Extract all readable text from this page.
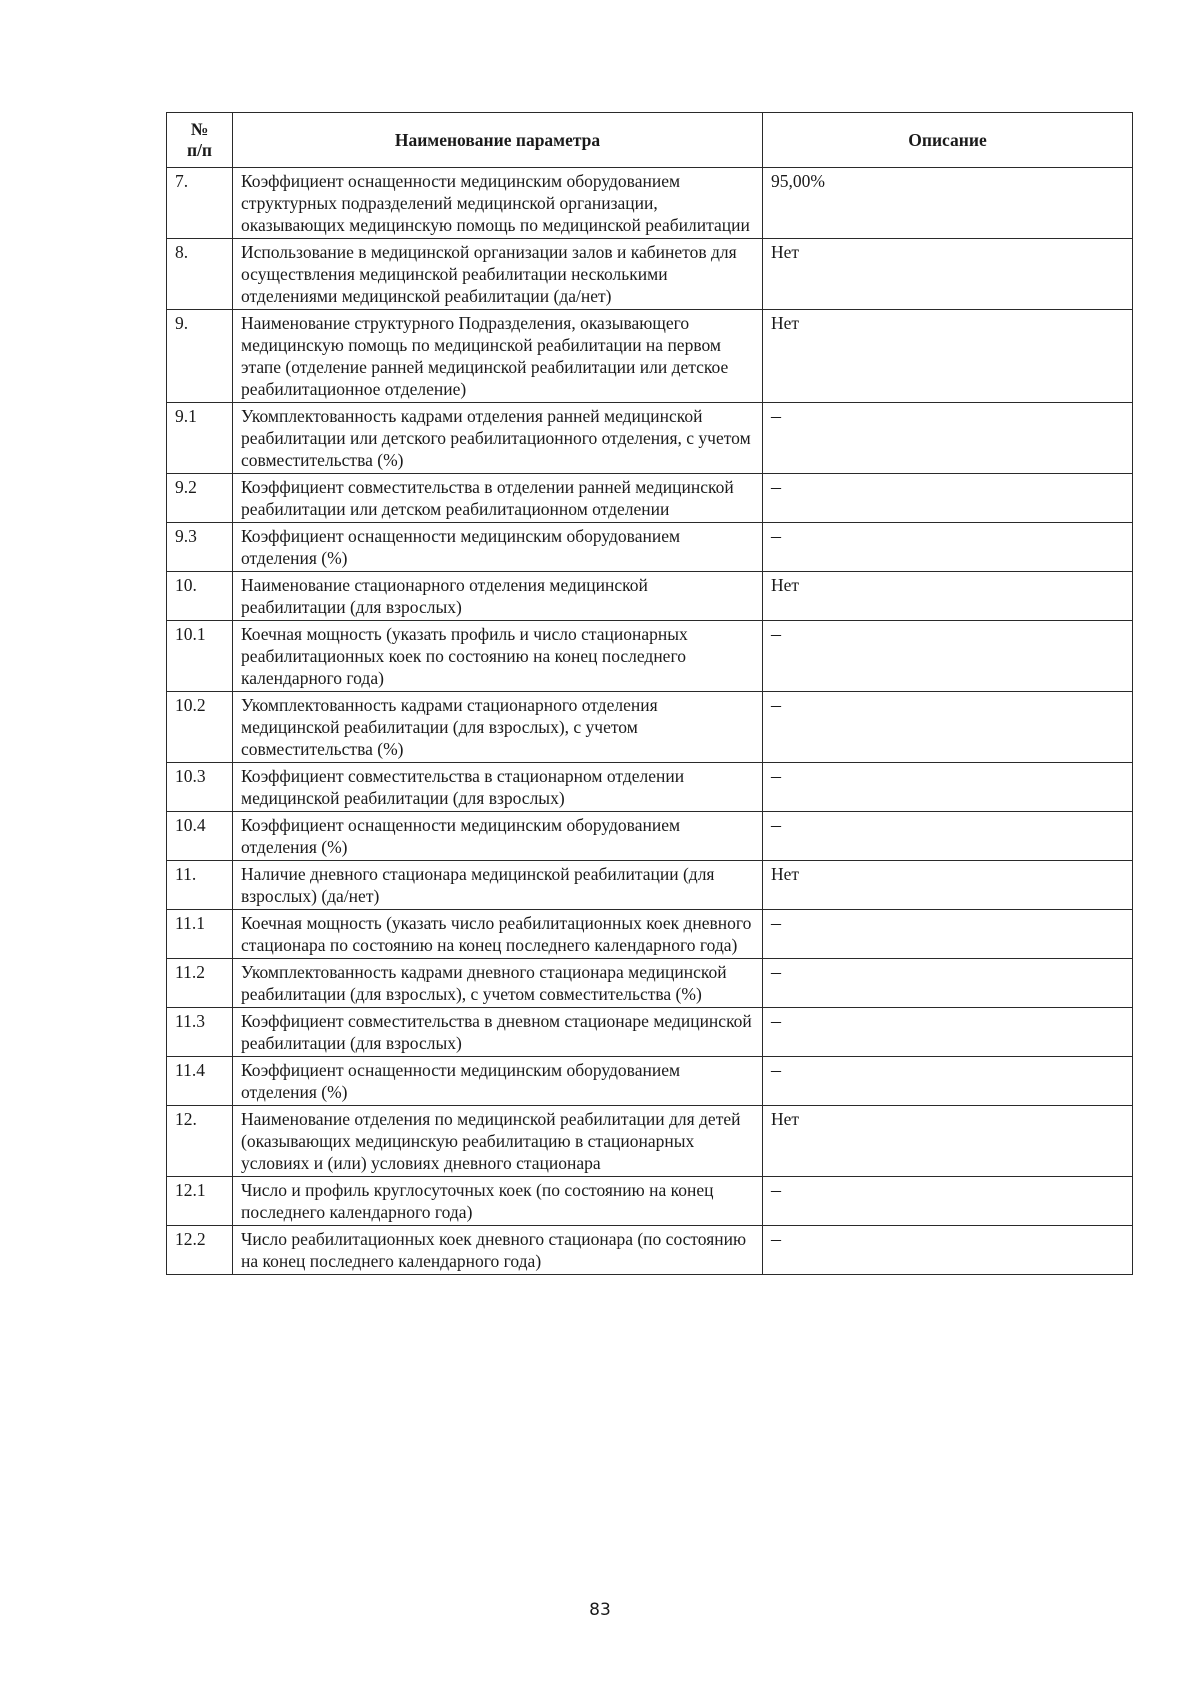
№
п/п	Наименование параметра	Описание
7.	Коэффициент оснащенности медицинским оборудованием структурных подразделений медицинской организации, оказывающих медицинскую помощь по медицинской реабилитации	95,00%
8.	Использование в медицинской организации залов и кабинетов для осуществления медицинской реабилитации несколькими отделениями медицинской реабилитации (да/нет)	Нет
9.	Наименование структурного Подразделения, оказывающего медицинскую помощь по медицинской реабилитации на первом этапе (отделение ранней медицинской реабилитации или детское реабилитационное отделение)	Нет
9.1	Укомплектованность кадрами отделения ранней медицинской реабилитации или детского реабилитационного отделения, с учетом совместительства (%)	–
9.2	Коэффициент совместительства в отделении ранней медицинской реабилитации или детском реабилитационном отделении	–
9.3	Коэффициент оснащенности медицинским оборудованием отделения (%)	–
10.	Наименование стационарного отделения медицинской реабилитации (для взрослых)	Нет
10.1	Коечная мощность (указать профиль и число стационарных реабилитационных коек по состоянию на конец последнего календарного года)	–
10.2	Укомплектованность кадрами стационарного отделения медицинской реабилитации (для взрослых), с учетом совместительства (%)	–
10.3	Коэффициент совместительства в стационарном отделении медицинской реабилитации (для взрослых)	–
10.4	Коэффициент оснащенности медицинским оборудованием отделения (%)	–
11.	Наличие дневного стационара медицинской реабилитации (для взрослых) (да/нет)	Нет
11.1	Коечная мощность (указать число реабилитационных коек дневного стационара по состоянию на конец последнего календарного года)	–
11.2	Укомплектованность кадрами дневного стационара медицинской реабилитации (для взрослых), с учетом совместительства (%)	–
11.3	Коэффициент совместительства в дневном стационаре медицинской реабилитации (для взрослых)	–
11.4	Коэффициент оснащенности медицинским оборудованием отделения (%)	–
12.	Наименование отделения по медицинской реабилитации для детей (оказывающих медицинскую реабилитацию в стационарных условиях и (или) условиях дневного стационара	Нет
12.1	Число и профиль круглосуточных коек (по состоянию на конец последнего календарного года)	–
12.2	Число реабилитационных коек дневного стационара (по состоянию на конец последнего календарного года)	–
83
